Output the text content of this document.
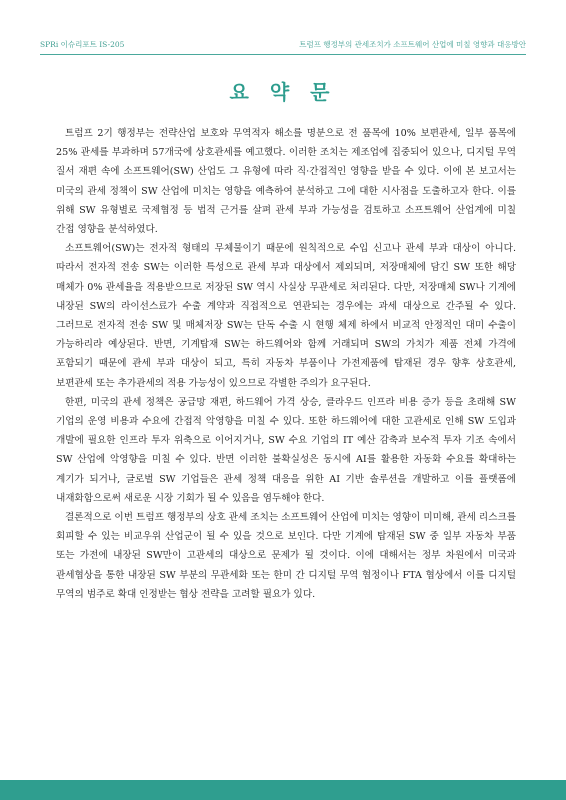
SPRi 이슈리포트 IS-205	트럼프 행정부의 관세조치가 소프트웨어 산업에 미칠 영향과 대응방안
요 약 문

트럼프 2기 행정부는 전략산업 보호와 무역적자 해소를 명분으로 전 품목에 10% 보편관세, 일부 품목에 25% 관세를 부과하며 57개국에 상호관세를 예고했다. 이러한 조치는 제조업에 집중되어 있으나, 디지털 무역 질서 재편 속에 소프트웨어(SW) 산업도 그 유형에 따라 직·간접적인 영향을 받을 수 있다. 이에 본 보고서는 미국의 관세 정책이 SW 산업에 미치는 영향을 예측하여 분석하고 그에 대한 시사점을 도출하고자 한다. 이를 위해 SW 유형별로 국제협정 등 법적 근거를 살펴 관세 부과 가능성을 검토하고 소프트웨어 산업계에 미칠 간접 영향을 분석하였다.

소프트웨어(SW)는 전자적 형태의 무체물이기 때문에 원칙적으로 수입 신고나 관세 부과 대상이 아니다. 따라서 전자적 전송 SW는 이러한 특성으로 관세 부과 대상에서 제외되며, 저장매체에 담긴 SW 또한 해당 매체가 0% 관세율을 적용받으므로 저장된 SW 역시 사실상 무관세로 처리된다. 다만, 저장매체 SW나 기계에 내장된 SW의 라이선스료가 수출 계약과 직접적으로 연관되는 경우에는 과세 대상으로 간주될 수 있다. 그러므로 전자적 전송 SW 및 매체저장 SW는 단독 수출 시 현행 체제 하에서 비교적 안정적인 대미 수출이 가능하리라 예상된다. 반면, 기계탑재 SW는 하드웨어와 함께 거래되며 SW의 가치가 제품 전체 가격에 포함되기 때문에 관세 부과 대상이 되고, 특히 자동차 부품이나 가전제품에 탑재된 경우 향후 상호관세, 보편관세 또는 추가관세의 적용 가능성이 있으므로 각별한 주의가 요구된다.

한편, 미국의 관세 정책은 공급망 재편, 하드웨어 가격 상승, 클라우드 인프라 비용 증가 등을 초래해 SW 기업의 운영 비용과 수요에 간접적 악영향을 미칠 수 있다. 또한 하드웨어에 대한 고관세로 인해 SW 도입과 개발에 필요한 인프라 투자 위축으로 이어지거나, SW 수요 기업의 IT 예산 감축과 보수적 투자 기조 속에서 SW 산업에 악영향을 미칠 수 있다. 반면 이러한 불확실성은 동시에 AI를 활용한 자동화 수요를 확대하는 계기가 되거나, 글로벌 SW 기업들은 관세 정책 대응을 위한 AI 기반 솔루션을 개발하고 이를 플랫폼에 내재화함으로써 새로운 시장 기회가 될 수 있음을 염두해야 한다.

결론적으로 이번 트럼프 행정부의 상호 관세 조치는 소프트웨어 산업에 미치는 영향이 미미해, 관세 리스크를 회피할 수 있는 비교우위 산업군이 될 수 있을 것으로 보인다. 다만 기계에 탑재된 SW 중 일부 자동차 부품 또는 가전에 내장된 SW만이 고관세의 대상으로 문제가 될 것이다. 이에 대해서는 정부 차원에서 미국과 관세협상을 통한 내장된 SW 부분의 무관세화 또는 한미 간 디지털 무역 협정이나 FTA 협상에서 이를 디지털 무역의 범주로 확대 인정받는 협상 전략을 고려할 필요가 있다.
